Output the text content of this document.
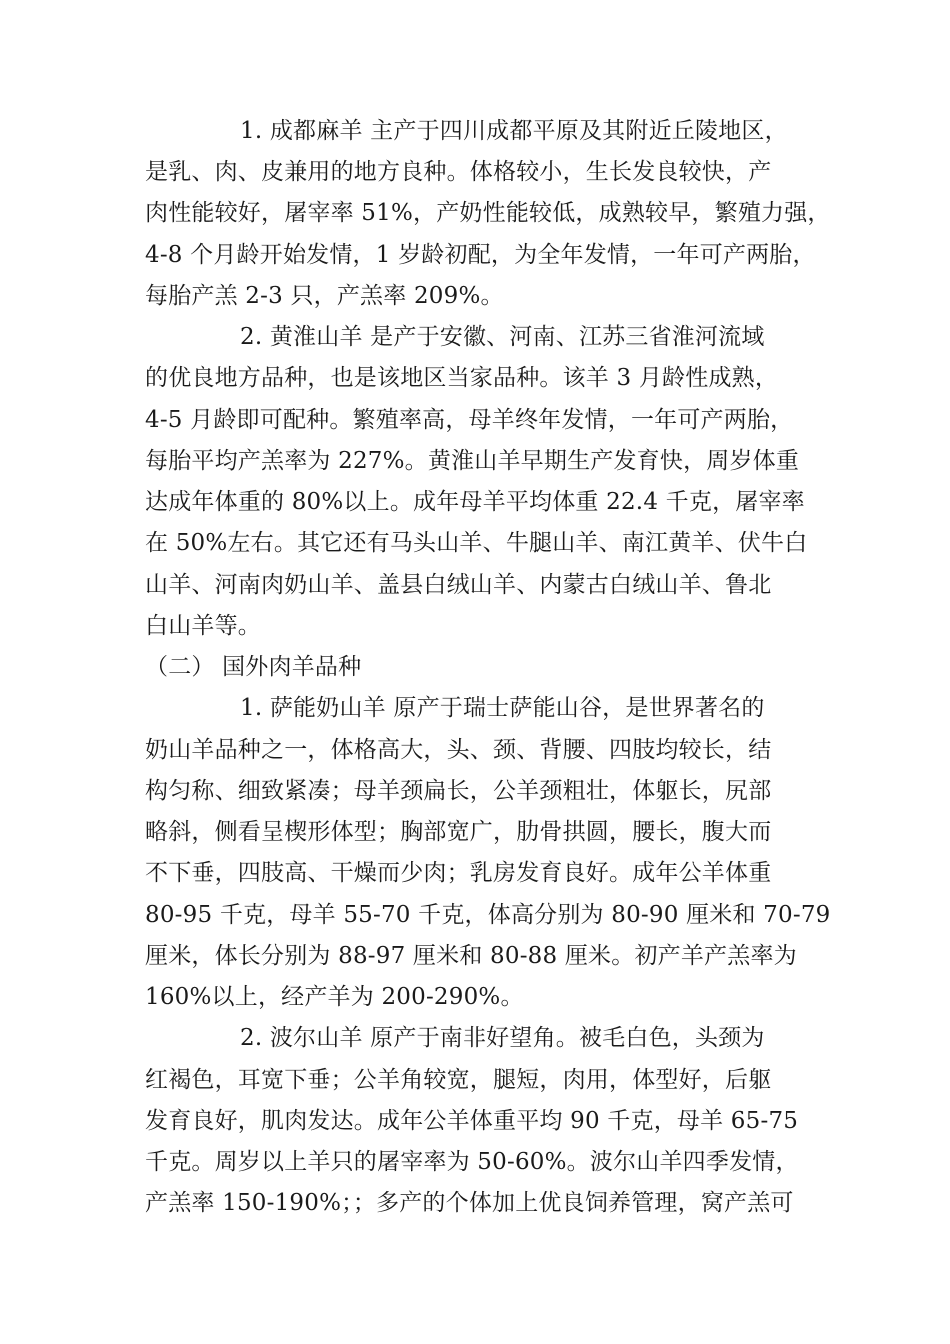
1. 成都麻羊 主产于四川成都平原及其附近丘陵地区，
是乳、肉、皮兼用的地方良种。体格较小，生长发良较快，产
肉性能较好，屠宰率 51%，产奶性能较低，成熟较早，繁殖力强，
4-8 个月龄开始发情，1 岁龄初配，为全年发情，一年可产两胎，
每胎产羔 2-3 只，产羔率 209%。
2. 黄淮山羊 是产于安徽、河南、江苏三省淮河流域
的优良地方品种，也是该地区当家品种。该羊 3 月龄性成熟，
4-5 月龄即可配种。繁殖率高，母羊终年发情，一年可产两胎，
每胎平均产羔率为 227%。黄淮山羊早期生产发育快，周岁体重
达成年体重的 80%以上。成年母羊平均体重 22.4 千克，屠宰率
在 50%左右。其它还有马头山羊、牛腿山羊、南江黄羊、伏牛白
山羊、河南肉奶山羊、盖县白绒山羊、内蒙古白绒山羊、鲁北
白山羊等。
（二） 国外肉羊品种
1. 萨能奶山羊 原产于瑞士萨能山谷，是世界著名的
奶山羊品种之一，体格高大，头、颈、背腰、四肢均较长，结
构匀称、细致紧凑；母羊颈扁长，公羊颈粗壮，体躯长，尻部
略斜，侧看呈楔形体型；胸部宽广，肋骨拱圆，腰长，腹大而
不下垂，四肢高、干燥而少肉；乳房发育良好。成年公羊体重
80-95 千克，母羊 55-70 千克，体高分别为 80-90 厘米和 70-79
厘米，体长分别为 88-97 厘米和 80-88 厘米。初产羊产羔率为
160%以上，经产羊为 200-290%。
2. 波尔山羊 原产于南非好望角。被毛白色，头颈为
红褐色，耳宽下垂；公羊角较宽，腿短，肉用，体型好，后躯
发育良好，肌肉发达。成年公羊体重平均 90 千克，母羊 65-75
千克。周岁以上羊只的屠宰率为 50-60%。波尔山羊四季发情，
产羔率 150-190%；；多产的个体加上优良饲养管理，窝产羔可
